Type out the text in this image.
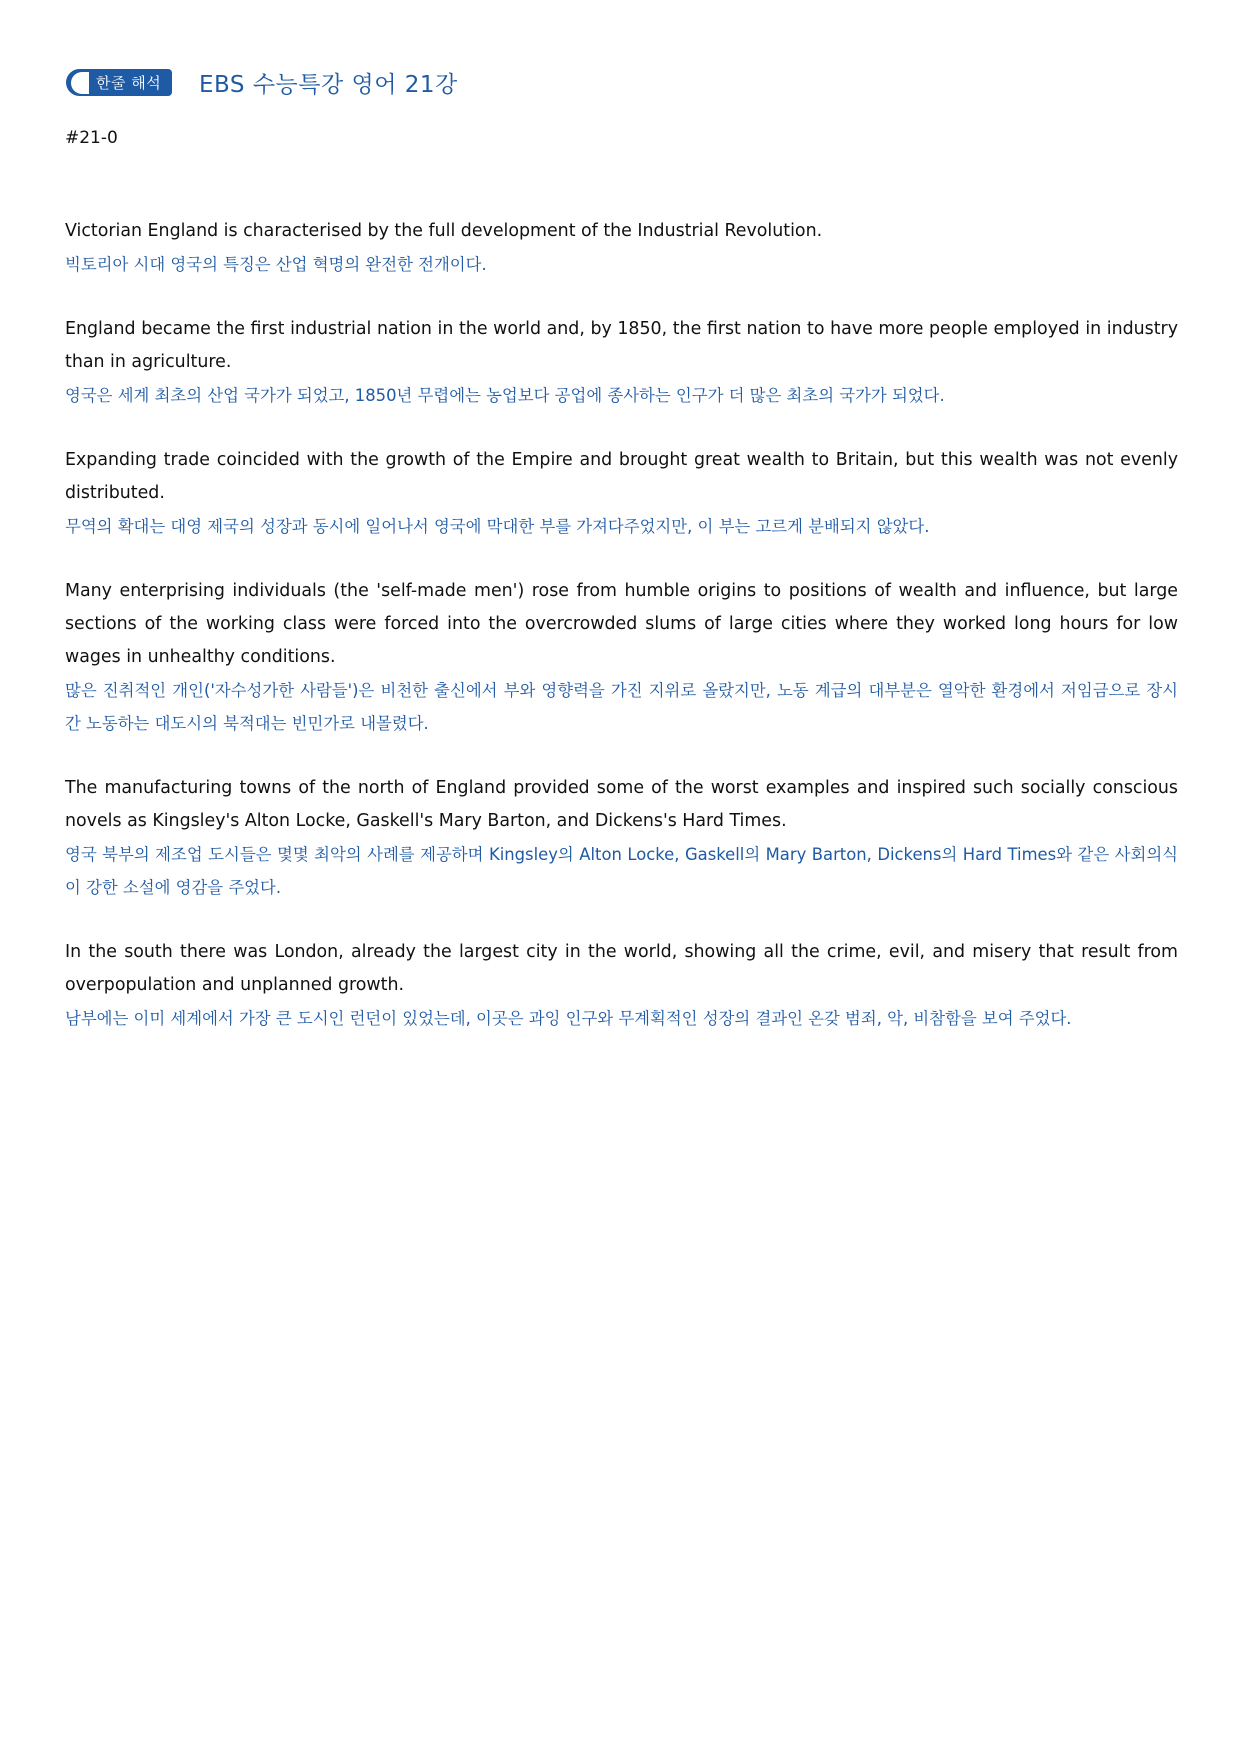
한줄 해석 EBS 수능특강 영어 21강
#21-0

Victorian England is characterised by the full development of the Industrial Revolution.

빅토리아 시대 영국의 특징은 산업 혁명의 완전한 전개이다.

England became the first industrial nation in the world and, by 1850, the first nation to have more people employed in industry than in agriculture.

영국은 세계 최초의 산업 국가가 되었고, 1850년 무렵에는 농업보다 공업에 종사하는 인구가 더 많은 최초의 국가가 되었다.

Expanding trade coincided with the growth of the Empire and brought great wealth to Britain, but this wealth was not evenly distributed.

무역의 확대는 대영 제국의 성장과 동시에 일어나서 영국에 막대한 부를 가져다주었지만, 이 부는 고르게 분배되지 않았다.

Many enterprising individuals (the 'self-made men') rose from humble origins to positions of wealth and influence, but large sections of the working class were forced into the overcrowded slums of large cities where they worked long hours for low wages in unhealthy conditions.

많은 진취적인 개인('자수성가한 사람들')은 비천한 출신에서 부와 영향력을 가진 지위로 올랐지만, 노동 계급의 대부분은 열악한 환경에서 저임금으로 장시간 노동하는 대도시의 북적대는 빈민가로 내몰렸다.

The manufacturing towns of the north of England provided some of the worst examples and inspired such socially conscious novels as Kingsley's Alton Locke, Gaskell's Mary Barton, and Dickens's Hard Times.

영국 북부의 제조업 도시들은 몇몇 최악의 사례를 제공하며 Kingsley의 Alton Locke, Gaskell의 Mary Barton, Dickens의 Hard Times와 같은 사회의식이 강한 소설에 영감을 주었다.

In the south there was London, already the largest city in the world, showing all the crime, evil, and misery that result from overpopulation and unplanned growth.

남부에는 이미 세계에서 가장 큰 도시인 런던이 있었는데, 이곳은 과잉 인구와 무계획적인 성장의 결과인 온갖 범죄, 악, 비참함을 보여 주었다.
